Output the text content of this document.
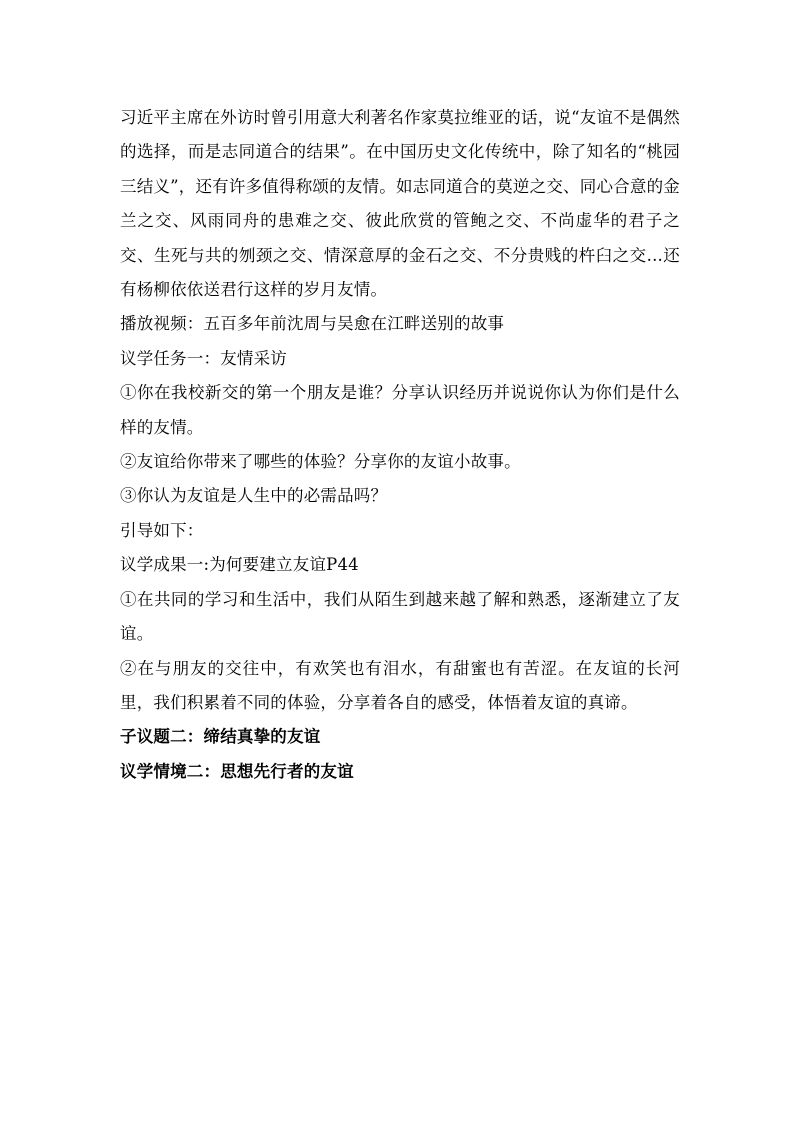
习近平主席在外访时曾引用意大利著名作家莫拉维亚的话，说“友谊不是偶然的选择，而是志同道合的结果”。在中国历史文化传统中，除了知名的“桃园三结义”，还有许多值得称颂的友情。如志同道合的莫逆之交、同心合意的金兰之交、风雨同舟的患难之交、彼此欣赏的管鲍之交、不尚虚华的君子之交、生死与共的刎颈之交、情深意厚的金石之交、不分贵贱的杵臼之交...还有杨柳依依送君行这样的岁月友情。

播放视频：五百多年前沈周与吴愈在江畔送别的故事

议学任务一：友情采访

①你在我校新交的第一个朋友是谁？分享认识经历并说说你认为你们是什么样的友情。

②友谊给你带来了哪些的体验？分享你的友谊小故事。

③你认为友谊是人生中的必需品吗？

引导如下：

议学成果一:为何要建立友谊P44

①在共同的学习和生活中，我们从陌生到越来越了解和熟悉，逐渐建立了友谊。

②在与朋友的交往中，有欢笑也有泪水，有甜蜜也有苦涩。在友谊的长河里，我们积累着不同的体验，分享着各自的感受，体悟着友谊的真谛。

子议题二：缔结真挚的友谊

议学情境二：思想先行者的友谊
